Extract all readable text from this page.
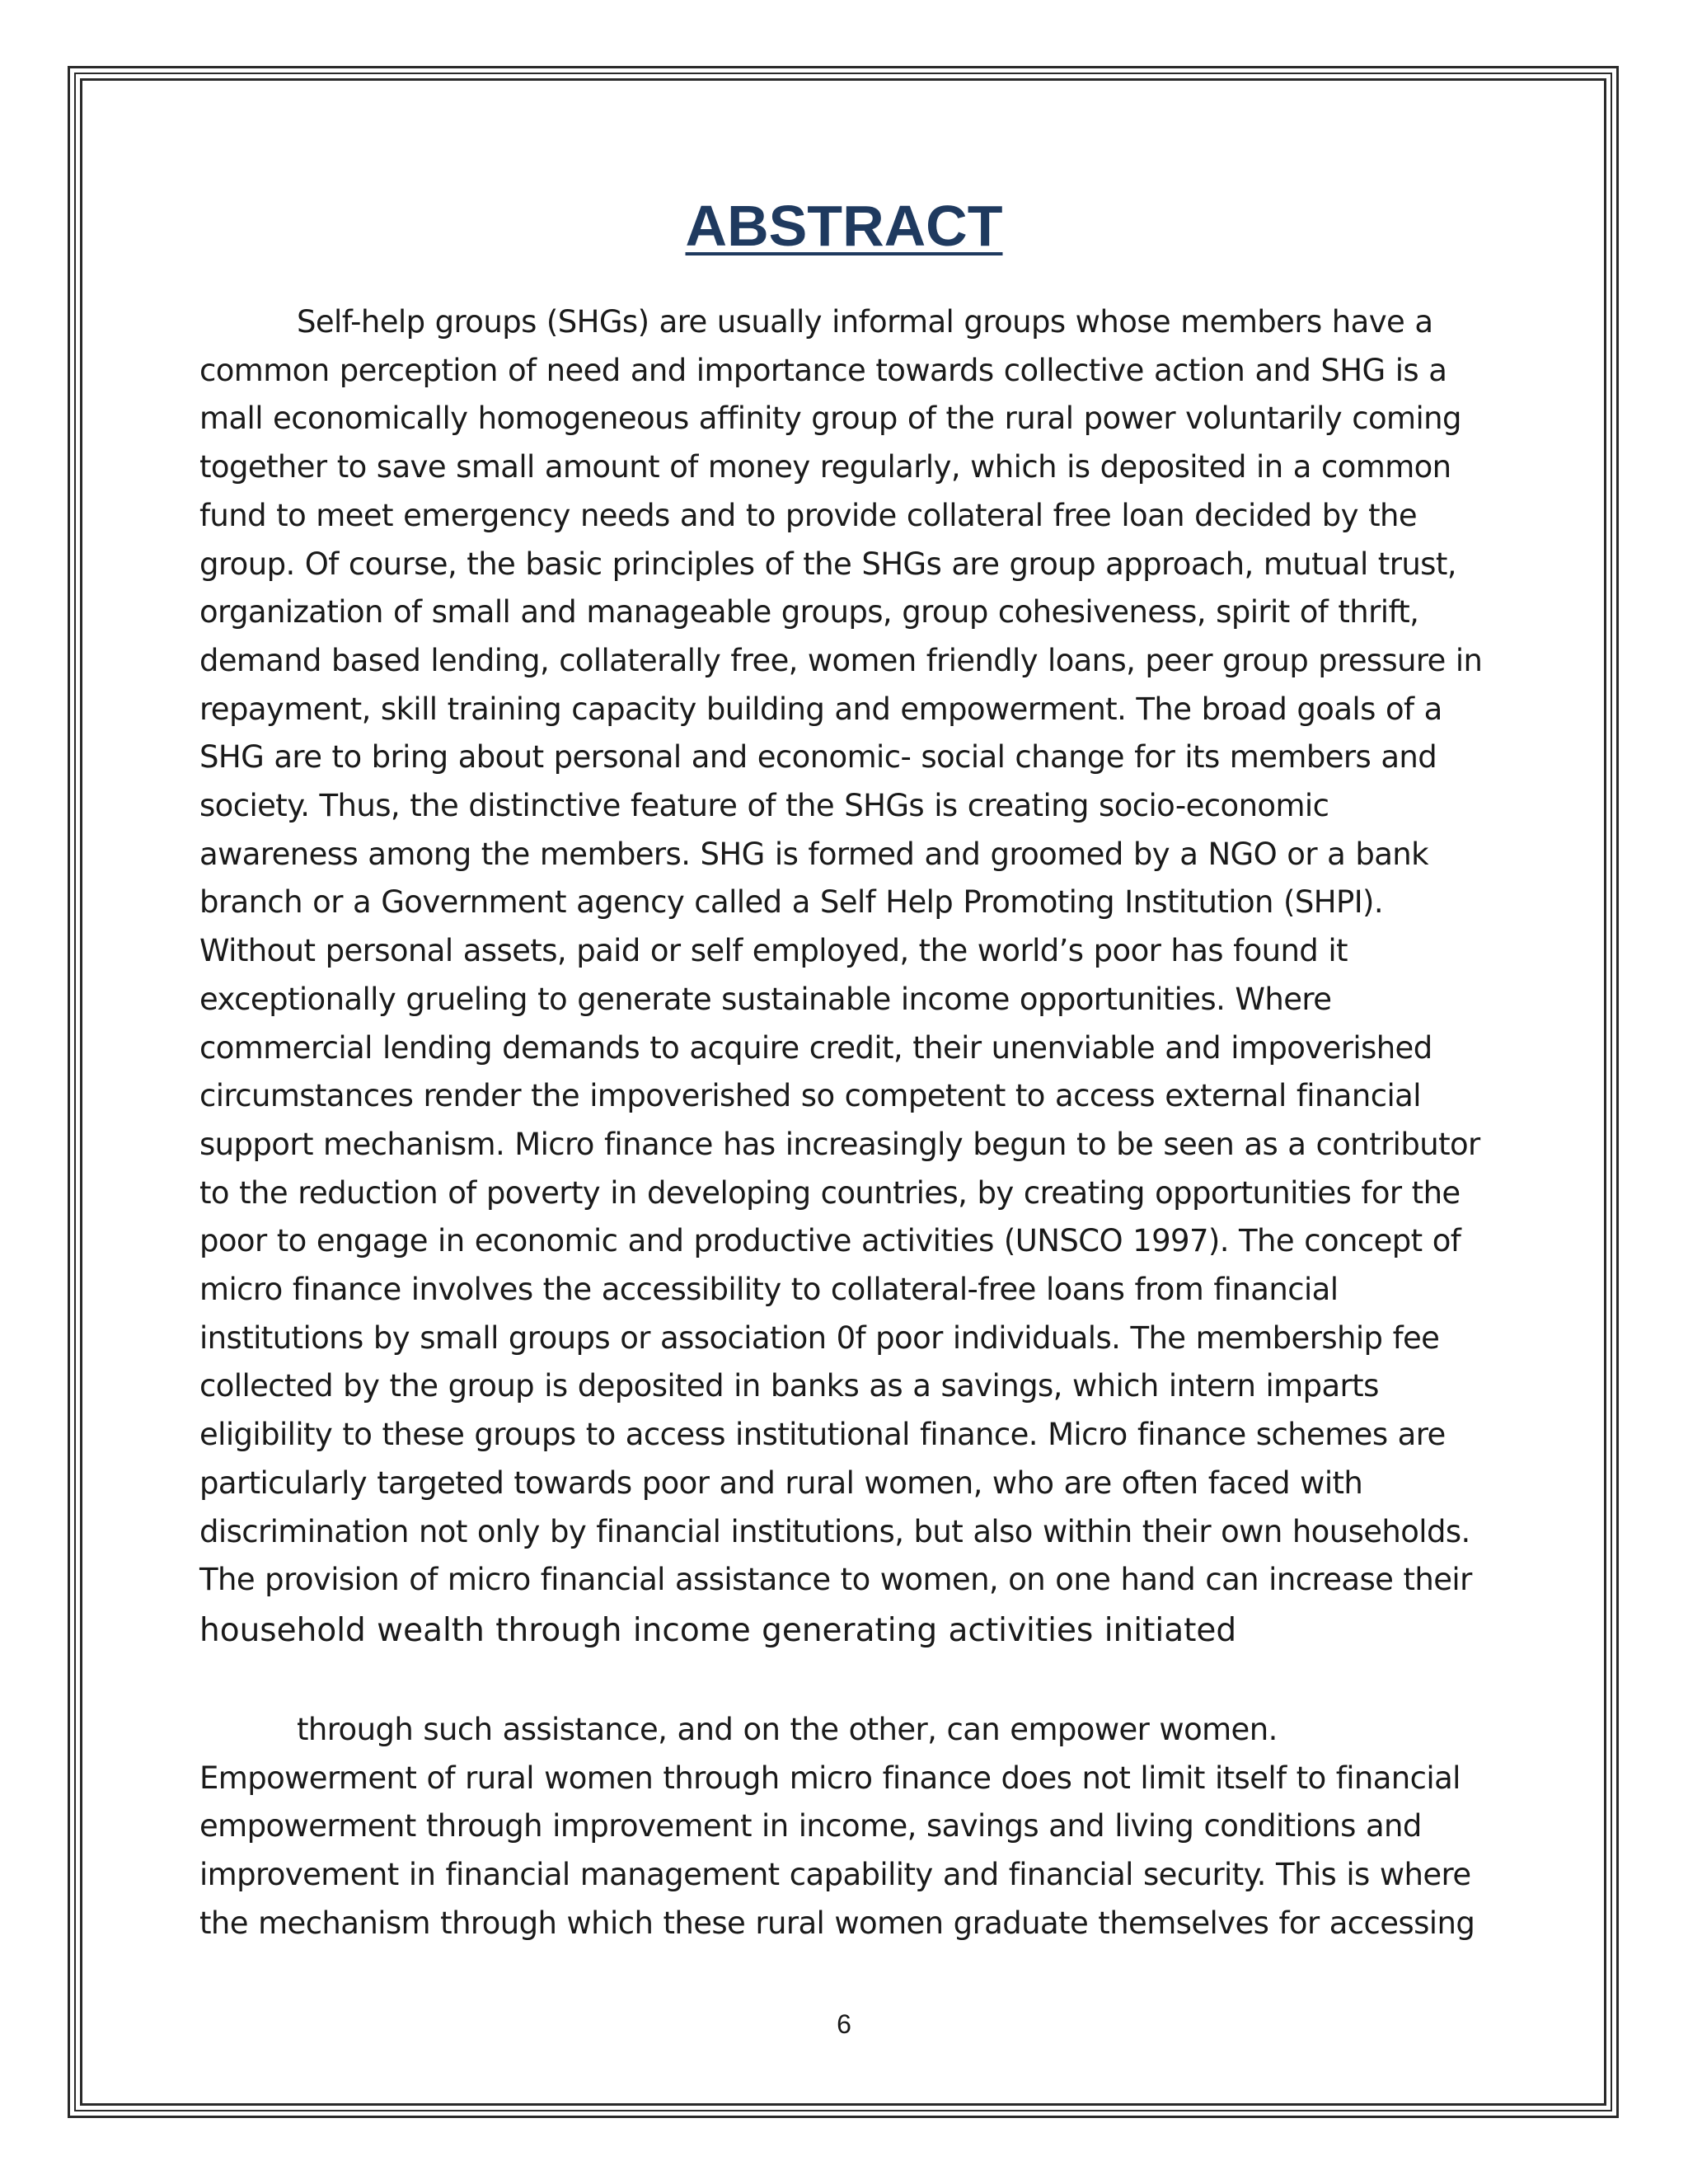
ABSTRACT
Self-help groups (SHGs) are usually informal groups whose members have a
common perception of need and importance towards collective action and SHG is a
mall economically homogeneous affinity group of the rural power voluntarily coming
together to save small amount of money regularly, which is deposited in a common
fund to meet emergency needs and to provide collateral free loan decided by the
group. Of course, the basic principles of the SHGs are group approach, mutual trust,
organization of small and manageable groups, group cohesiveness, spirit of thrift,
demand based lending, collaterally free, women friendly loans, peer group pressure in
repayment, skill training capacity building and empowerment. The broad goals of a
SHG are to bring about personal and economic- social change for its members and
society. Thus, the distinctive feature of the SHGs is creating socio-economic
awareness among the members. SHG is formed and groomed by a NGO or a bank
branch or a Government agency called a Self Help Promoting Institution (SHPI).
Without personal assets, paid or self employed, the world’s poor has found it
exceptionally grueling to generate sustainable income opportunities. Where
commercial lending demands to acquire credit, their unenviable and impoverished
circumstances render the impoverished so competent to access external financial
support mechanism. Micro finance has increasingly begun to be seen as a contributor
to the reduction of poverty in developing countries, by creating opportunities for the
poor to engage in economic and productive activities (UNSCO 1997). The concept of
micro finance involves the accessibility to collateral-free loans from financial
institutions by small groups or association 0f poor individuals. The membership fee
collected by the group is deposited in banks as a savings, which intern imparts
eligibility to these groups to access institutional finance. Micro finance schemes are
particularly targeted towards poor and rural women, who are often faced with
discrimination not only by financial institutions, but also within their own households.
The provision of micro financial assistance to women, on one hand can increase their
household wealth through income generating activities initiated
through such assistance, and on the other, can empower women.
Empowerment of rural women through micro finance does not limit itself to financial
empowerment through improvement in income, savings and living conditions and
improvement in financial management capability and financial security. This is where
the mechanism through which these rural women graduate themselves for accessing
6
